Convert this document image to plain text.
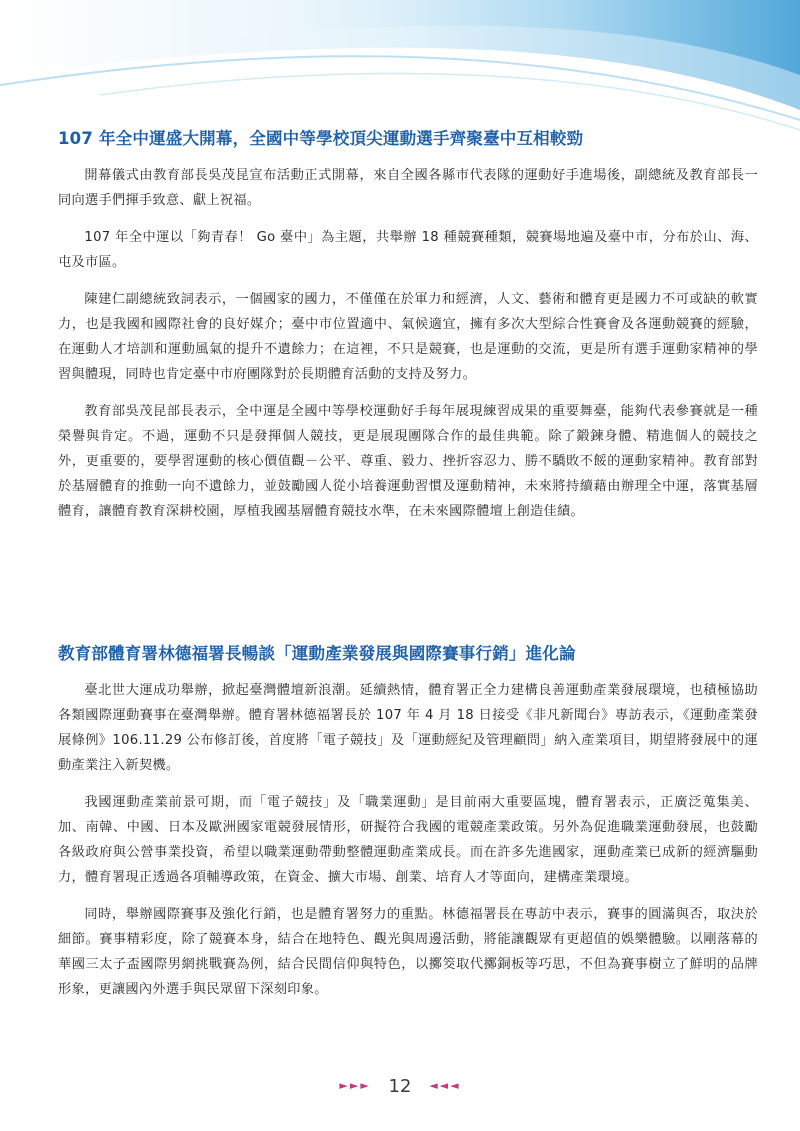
107 年全中運盛大開幕，全國中等學校頂尖運動選手齊聚臺中互相較勁

開幕儀式由教育部長吳茂昆宣布活動正式開幕，來自全國各縣市代表隊的運動好手進場後，副總統及教育部長一同向選手們揮手致意、獻上祝福。

107 年全中運以「夠青春！ Go 臺中」為主題，共舉辦 18 種競賽種類，競賽場地遍及臺中市，分布於山、海、屯及市區。

陳建仁副總統致詞表示，一個國家的國力，不僅僅在於軍力和經濟，人文、藝術和體育更是國力不可或缺的軟實力，也是我國和國際社會的良好媒介；臺中市位置適中、氣候適宜，擁有多次大型綜合性賽會及各運動競賽的經驗，在運動人才培訓和運動風氣的提升不遺餘力；在這裡，不只是競賽，也是運動的交流，更是所有選手運動家精神的學習與體現，同時也肯定臺中市府團隊對於長期體育活動的支持及努力。

教育部吳茂昆部長表示，全中運是全國中等學校運動好手每年展現練習成果的重要舞臺，能夠代表參賽就是一種榮譽與肯定。不過，運動不只是發揮個人競技，更是展現團隊合作的最佳典範。除了鍛鍊身體、精進個人的競技之外，更重要的，要學習運動的核心價值觀－公平、尊重、毅力、挫折容忍力、勝不驕敗不餒的運動家精神。教育部對於基層體育的推動一向不遺餘力，並鼓勵國人從小培養運動習慣及運動精神，未來將持續藉由辦理全中運，落實基層體育，讓體育教育深耕校園，厚植我國基層體育競技水準，在未來國際體壇上創造佳績。

教育部體育署林德福署長暢談「運動產業發展與國際賽事行銷」進化論

臺北世大運成功舉辦，掀起臺灣體壇新浪潮。延續熱情，體育署正全力建構良善運動產業發展環境，也積極協助各類國際運動賽事在臺灣舉辦。體育署林德福署長於 107 年 4 月 18 日接受《非凡新聞台》專訪表示，《運動產業發展條例》106.11.29 公布修訂後，首度將「電子競技」及「運動經紀及管理顧問」納入產業項目，期望將發展中的運動產業注入新契機。

我國運動產業前景可期，而「電子競技」及「職業運動」是目前兩大重要區塊，體育署表示，正廣泛蒐集美、加、南韓、中國、日本及歐洲國家電競發展情形，研擬符合我國的電競產業政策。另外為促進職業運動發展，也鼓勵各級政府與公營事業投資，希望以職業運動帶動整體運動產業成長。而在許多先進國家，運動產業已成新的經濟驅動力，體育署現正透過各項輔導政策，在資金、擴大市場、創業、培育人才等面向，建構產業環境。

同時，舉辦國際賽事及強化行銷，也是體育署努力的重點。林德福署長在專訪中表示，賽事的圓滿與否，取決於細節。賽事精彩度，除了競賽本身，結合在地特色、觀光與周邊活動，將能讓觀眾有更超值的娛樂體驗。以剛落幕的華國三太子盃國際男網挑戰賽為例，結合民間信仰與特色，以擲筊取代擲銅板等巧思，不但為賽事樹立了鮮明的品牌形象，更讓國內外選手與民眾留下深刻印象。

►►► 12 ◄◄◄
